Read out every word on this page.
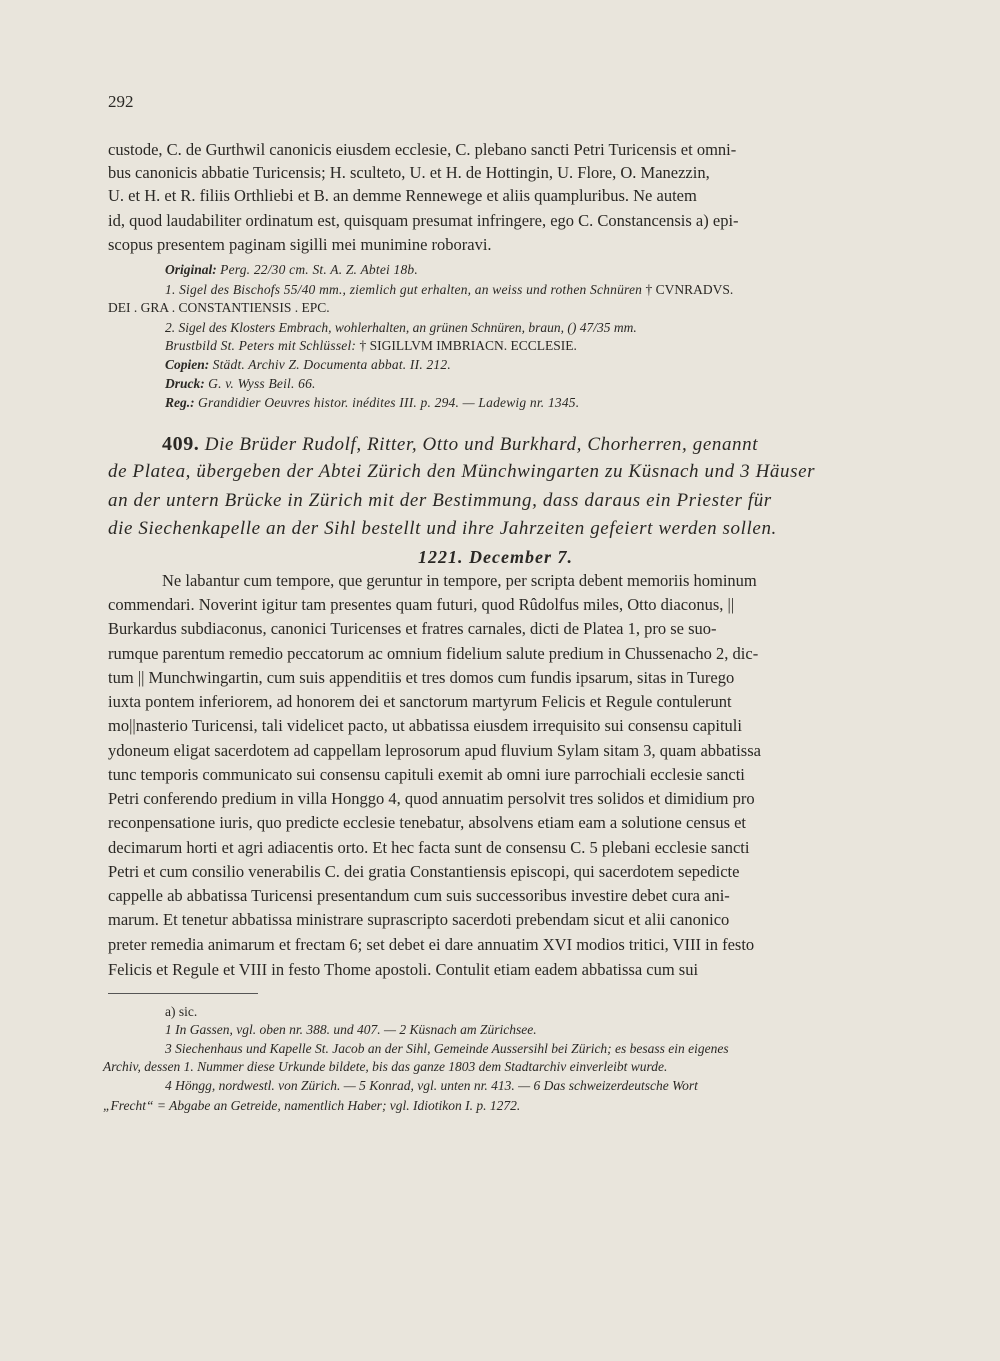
292
custode, C. de Gurthwil canonicis eiusdem ecclesie, C. plebano sancti Petri Turicensis et omni-
bus canonicis abbatie Turicensis; H. sculteto, U. et H. de Hottingin, U. Flore, O. Manezzin,
U. et H. et R. filiis Orthliebi et B. an demme Rennewege et aliis quampluribus. Ne autem
id, quod laudabiliter ordinatum est, quisquam presumat infringere, ego C. Constancensis a) epi-
scopus presentem paginam sigilli mei munimine roboravi.
Original: Perg. 22/30 cm. St. A. Z. Abtei 18b.
1. Sigel des Bischofs 55/40 mm., ziemlich gut erhalten, an weiss und rothen Schnüren † CVNRADVS.
DEI . GRA . CONSTANTIENSIS . EPC.
2. Sigel des Klosters Embrach, wohlerhalten, an grünen Schnüren, braun, () 47/35 mm.
Brustbild St. Peters mit Schlüssel: † SIGILLVM IMBRIACN. ECCLESIE.
Copien: Städt. Archiv Z. Documenta abbat. II. 212.
Druck: G. v. Wyss Beil. 66.
Reg.: Grandidier Oeuvres histor. inédites III. p. 294. — Ladewig nr. 1345.
409. Die Brüder Rudolf, Ritter, Otto und Burkhard, Chorherren, genannt
de Platea, übergeben der Abtei Zürich den Münchwingarten zu Küsnach und 3 Häuser
an der untern Brücke in Zürich mit der Bestimmung, dass daraus ein Priester für
die Siechenkapelle an der Sihl bestellt und ihre Jahrzeiten gefeiert werden sollen.
1221. December 7.
Ne labantur cum tempore, que geruntur in tempore, per scripta debent memoriis hominum
commendari. Noverint igitur tam presentes quam futuri, quod Rûdolfus miles, Otto diaconus, ||
Burkardus subdiaconus, canonici Turicenses et fratres carnales, dicti de Platea 1, pro se suo-
rumque parentum remedio peccatorum ac omnium fidelium salute predium in Chussenacho 2, dic-
tum || Munchwingartin, cum suis appenditiis et tres domos cum fundis ipsarum, sitas in Turego
iuxta pontem inferiorem, ad honorem dei et sanctorum martyrum Felicis et Regule contulerunt
mo||nasterio Turicensi, tali videlicet pacto, ut abbatissa eiusdem irrequisito sui consensu capituli
ydoneum eligat sacerdotem ad cappellam leprosorum apud fluvium Sylam sitam 3, quam abbatissa
tunc temporis communicato sui consensu capituli exemit ab omni iure parrochiali ecclesie sancti
Petri conferendo predium in villa Honggo 4, quod annuatim persolvit tres solidos et dimidium pro
reconpensatione iuris, quo predicte ecclesie tenebatur, absolvens etiam eam a solutione census et
decimarum horti et agri adiacentis orto. Et hec facta sunt de consensu C. 5 plebani ecclesie sancti
Petri et cum consilio venerabilis C. dei gratia Constantiensis episcopi, qui sacerdotem sepedicte
cappelle ab abbatissa Turicensi presentandum cum suis successoribus investire debet cura ani-
marum. Et tenetur abbatissa ministrare suprascripto sacerdoti prebendam sicut et alii canonico
preter remedia animarum et frectam 6; set debet ei dare annuatim XVI modios tritici, VIII in festo
Felicis et Regule et VIII in festo Thome apostoli. Contulit etiam eadem abbatissa cum sui
a) sic.
1 In Gassen, vgl. oben nr. 388. und 407. — 2 Küsnach am Zürichsee.
3 Siechenhaus und Kapelle St. Jacob an der Sihl, Gemeinde Aussersihl bei Zürich; es besass ein eigenes
Archiv, dessen 1. Nummer diese Urkunde bildete, bis das ganze 1803 dem Stadtarchiv einverleibt wurde.
4 Höngg, nordwestl. von Zürich. — 5 Konrad, vgl. unten nr. 413. — 6 Das schweizerdeutsche Wort
„Frecht“ = Abgabe an Getreide, namentlich Haber; vgl. Idiotikon I. p. 1272.
